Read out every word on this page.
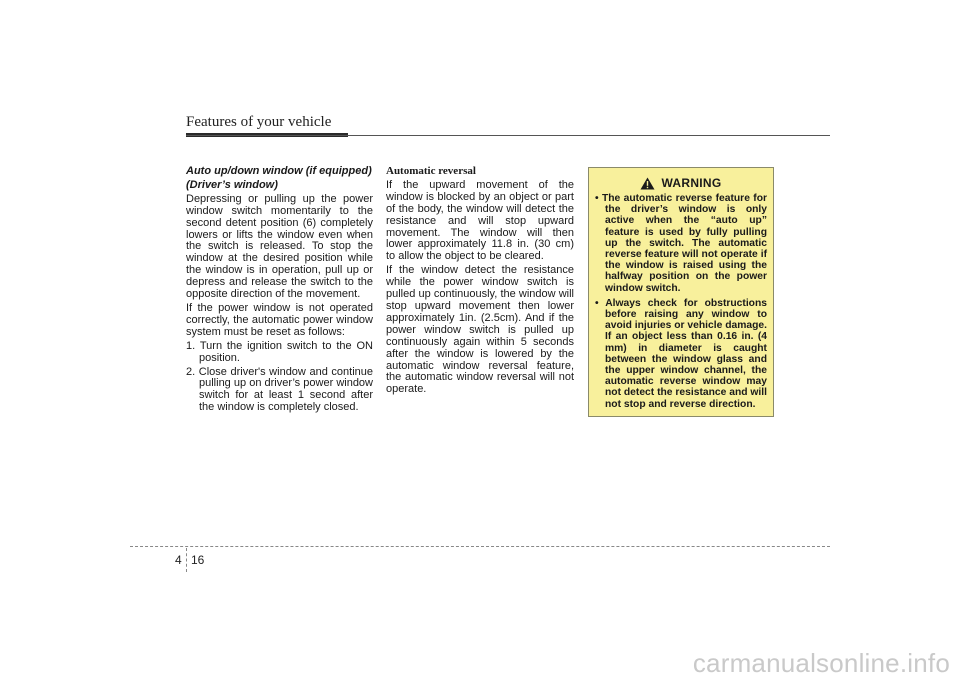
Features of your vehicle

Auto up/down window (if equipped)

(Driver’s window)

Depressing or pulling up the power window switch momentarily to the second detent position (6) completely lowers or lifts the window even when the switch is released. To stop the window at the desired position while the window is in operation, pull up or depress and release the switch to the opposite direction of the movement.

If the power window is not operated correctly, the automatic power window system must be reset as follows:

1. Turn the ignition switch to the ON position.
2. Close driver's window and continue pulling up on driver’s power window switch for at least 1 second after the window is completely closed.

Automatic reversal

If the upward movement of the window is blocked by an object or part of the body, the window will detect the resistance and will stop upward movement. The window will then lower approximately 11.8 in. (30 cm) to allow the object to be cleared.

If the window detect the resistance while the power window switch is pulled up continuously, the window will stop upward movement then lower approximately 1in. (2.5cm). And if the power window switch is pulled up continuously again within 5 seconds after the window is lowered by the automatic window reversal feature, the automatic window reversal will not operate.

WARNING
• The automatic reverse feature for the driver’s window is only active when the “auto up” feature is used by fully pulling up the switch. The automatic reverse feature will not operate if the window is raised using the halfway position on the power window switch.
• Always check for obstructions before raising any window to avoid injuries or vehicle damage. If an object less than 0.16 in. (4 mm) in diameter is caught between the window glass and the upper window channel, the automatic reverse window may not detect the resistance and will not stop and reverse direction.
4 16
carmanualsonline.info
